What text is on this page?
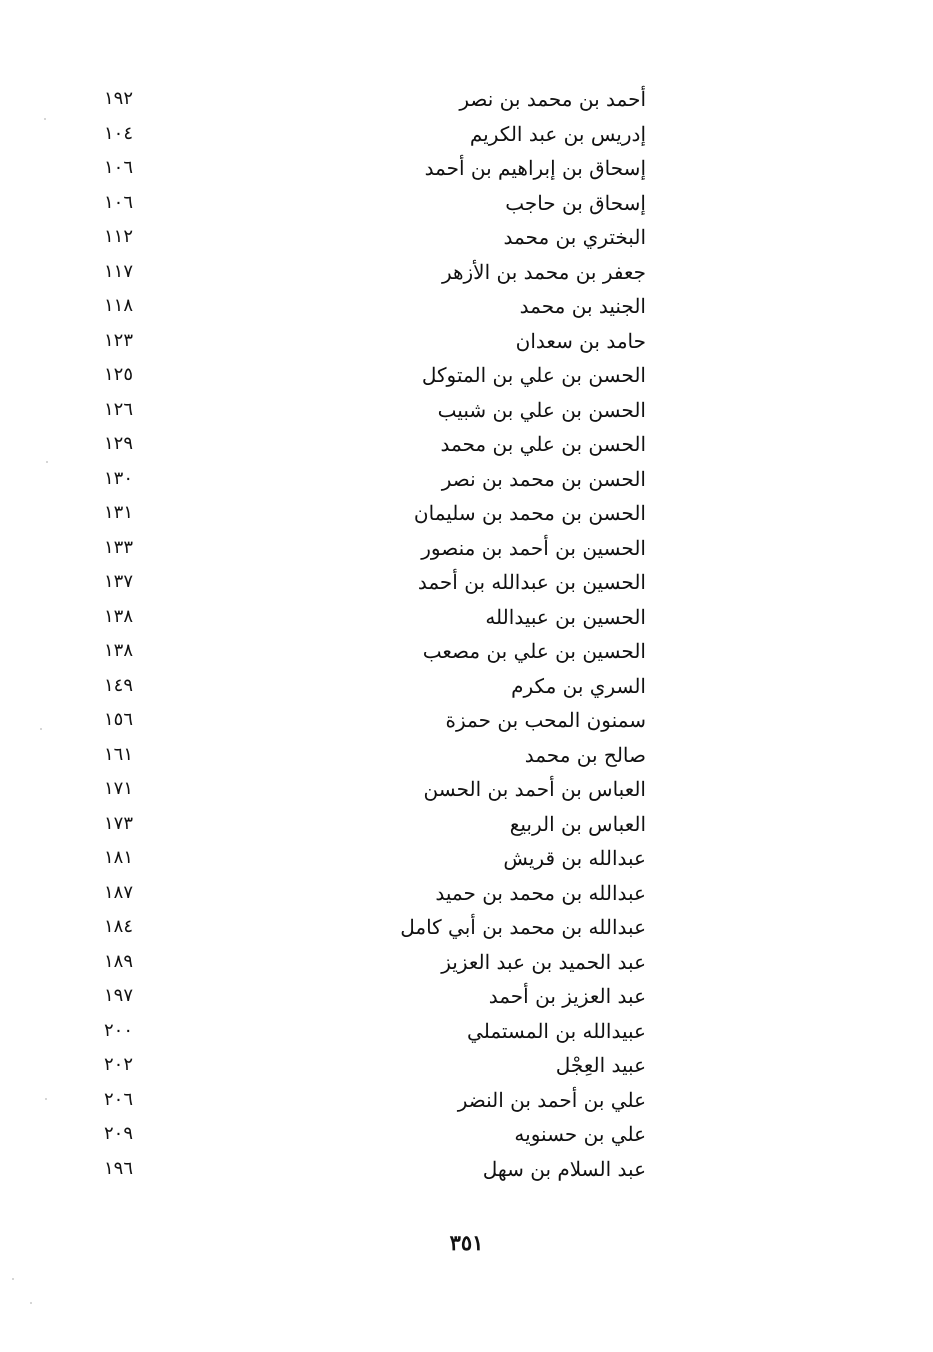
أحمد بن محمد بن نصر
١٩٢
إدريس بن عبد الكريم
١٠٤
إسحاق بن إبراهيم بن أحمد
١٠٦
إسحاق بن حاجب
١٠٦
البختري بن محمد
١١٢
جعفر بن محمد بن الأزهر
١١٧
الجنيد بن محمد
١١٨
حامد بن سعدان
١٢٣
الحسن بن علي بن المتوكل
١٢٥
الحسن بن علي بن شبيب
١٢٦
الحسن بن علي بن محمد
١٢٩
الحسن بن محمد بن نصر
١٣٠
الحسن بن محمد بن سليمان
١٣١
الحسين بن أحمد بن منصور
١٣٣
الحسين بن عبدالله بن أحمد
١٣٧
الحسين بن عبيدالله
١٣٨
الحسين بن علي بن مصعب
١٣٨
السري بن مكرم
١٤٩
سمنون المحب بن حمزة
١٥٦
صالح بن محمد
١٦١
العباس بن أحمد بن الحسن
١٧١
العباس بن الربيع
١٧٣
عبدالله بن قريش
١٨١
عبدالله بن محمد بن حميد
١٨٧
عبدالله بن محمد بن أبي كامل
١٨٤
عبد الحميد بن عبد العزيز
١٨٩
عبد العزيز بن أحمد
١٩٧
عبيدالله بن المستملي
٢٠٠
عبيد العِجْل
٢٠٢
علي بن أحمد بن النضر
٢٠٦
علي بن حسنويه
٢٠٩
عبد السلام بن سهل
١٩٦
٣٥١
